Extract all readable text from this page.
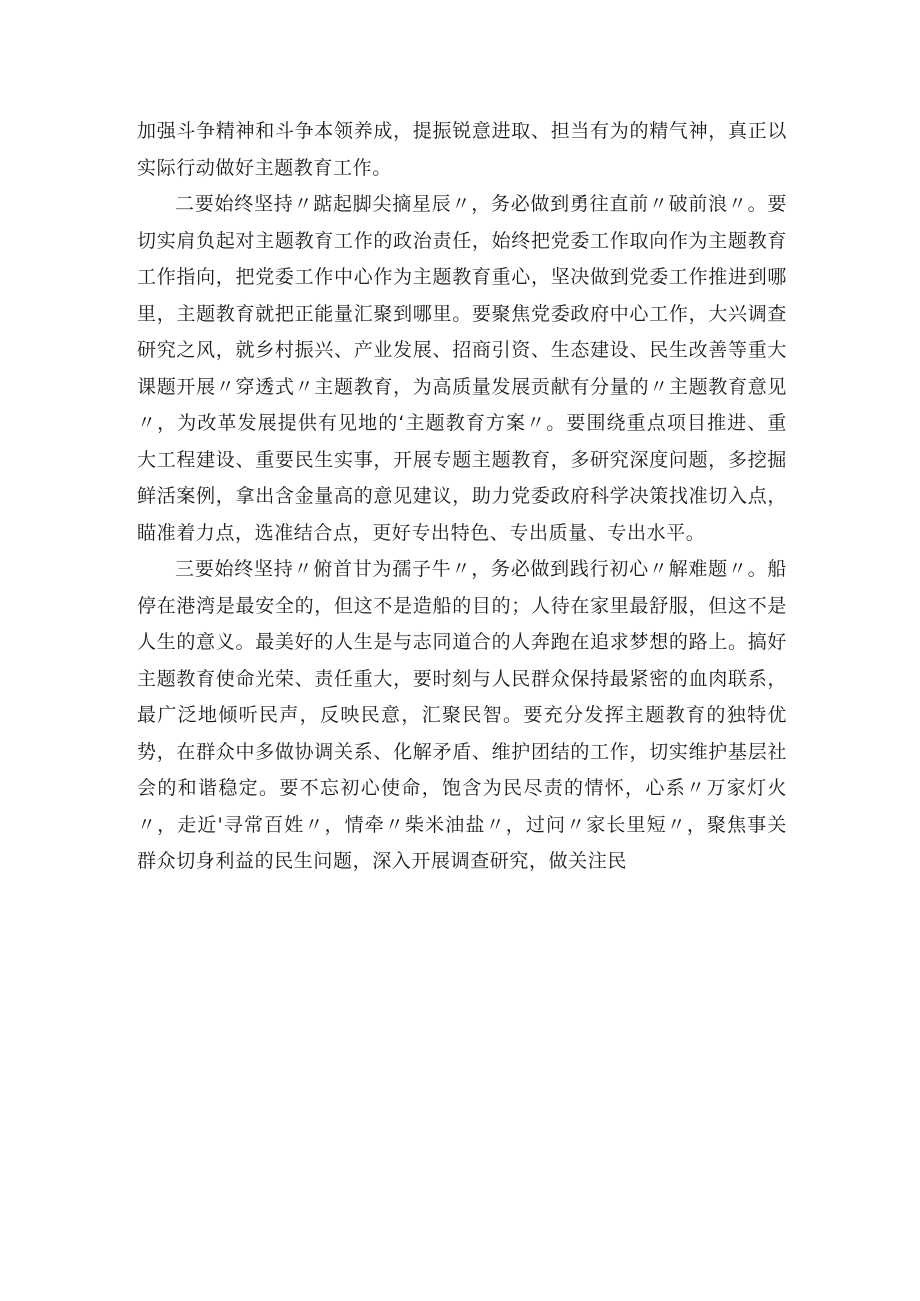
加强斗争精神和斗争本领养成，提振锐意进取、担当有为的精气神，真正以实际行动做好主题教育工作。

二要始终坚持〃踮起脚尖摘星辰〃，务必做到勇往直前〃破前浪〃。要切实肩负起对主题教育工作的政治责任，始终把党委工作取向作为主题教育工作指向，把党委工作中心作为主题教育重心，坚决做到党委工作推进到哪里，主题教育就把正能量汇聚到哪里。要聚焦党委政府中心工作，大兴调查研究之风，就乡村振兴、产业发展、招商引资、生态建设、民生改善等重大课题开展〃穿透式〃主题教育，为高质量发展贡献有分量的〃主题教育意见〃，为改革发展提供有见地的‘主题教育方案〃。要围绕重点项目推进、重大工程建设、重要民生实事，开展专题主题教育，多研究深度问题，多挖掘鲜活案例，拿出含金量高的意见建议，助力党委政府科学决策找准切入点，瞄准着力点，选准结合点，更好专出特色、专出质量、专出水平。

三要始终坚持〃俯首甘为孺子牛〃，务必做到践行初心〃解难题〃。船停在港湾是最安全的，但这不是造船的目的；人待在家里最舒服，但这不是人生的意义。最美好的人生是与志同道合的人奔跑在追求梦想的路上。搞好主题教育使命光荣、责任重大，要时刻与人民群众保持最紧密的血肉联系，最广泛地倾听民声，反映民意，汇聚民智。要充分发挥主题教育的独特优势，在群众中多做协调关系、化解矛盾、维护团结的工作，切实维护基层社会的和谐稳定。要不忘初心使命，饱含为民尽责的情怀，心系〃万家灯火〃，走近'寻常百姓〃，情牵〃柴米油盐〃，过问〃家长里短〃，聚焦事关群众切身利益的民生问题，深入开展调查研究，做关注民
